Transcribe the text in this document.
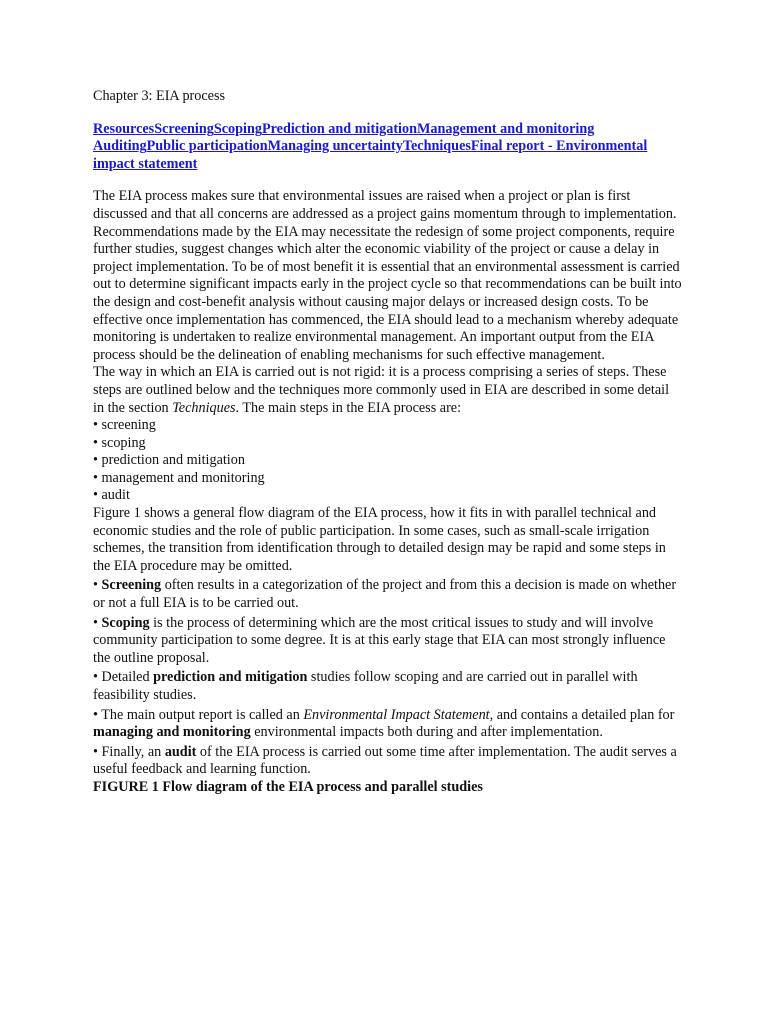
Chapter 3: EIA process
ResourcesScreeningScopingPrediction and mitigationManagement and monitoring AuditingPublic participationManaging uncertaintyTechniquesFinal report - Environmental impact statement

The EIA process makes sure that environmental issues are raised when a project or plan is first discussed and that all concerns are addressed as a project gains momentum through to implementation. Recommendations made by the EIA may necessitate the redesign of some project components, require further studies, suggest changes which alter the economic viability of the project or cause a delay in project implementation. To be of most benefit it is essential that an environmental assessment is carried out to determine significant impacts early in the project cycle so that recommendations can be built into the design and cost-benefit analysis without causing major delays or increased design costs. To be effective once implementation has commenced, the EIA should lead to a mechanism whereby adequate monitoring is undertaken to realize environmental management. An important output from the EIA process should be the delineation of enabling mechanisms for such effective management.

The way in which an EIA is carried out is not rigid: it is a process comprising a series of steps. These steps are outlined below and the techniques more commonly used in EIA are described in some detail in the section Techniques. The main steps in the EIA process are:

• screening
• scoping
• prediction and mitigation
• management and monitoring
• audit

Figure 1 shows a general flow diagram of the EIA process, how it fits in with parallel technical and economic studies and the role of public participation. In some cases, such as small-scale irrigation schemes, the transition from identification through to detailed design may be rapid and some steps in the EIA procedure may be omitted.

• Screening often results in a categorization of the project and from this a decision is made on whether or not a full EIA is to be carried out.

• Scoping is the process of determining which are the most critical issues to study and will involve community participation to some degree. It is at this early stage that EIA can most strongly influence the outline proposal.

• Detailed prediction and mitigation studies follow scoping and are carried out in parallel with feasibility studies.

• The main output report is called an Environmental Impact Statement, and contains a detailed plan for managing and monitoring environmental impacts both during and after implementation.

• Finally, an audit of the EIA process is carried out some time after implementation. The audit serves a useful feedback and learning function.

FIGURE 1 Flow diagram of the EIA process and parallel studies
